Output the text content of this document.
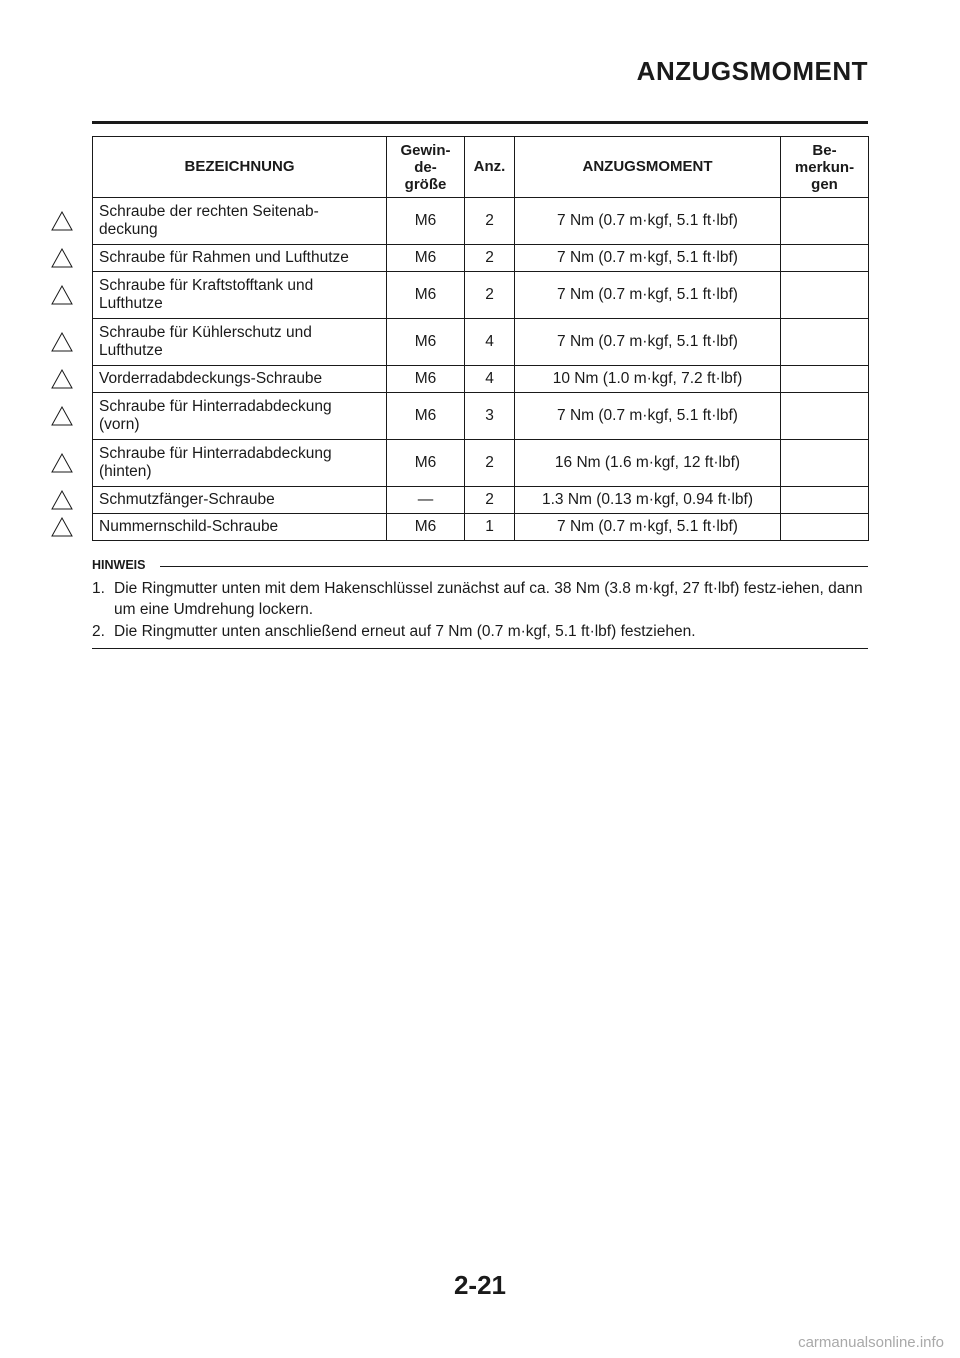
ANZUGSMOMENT
BEZEICHNUNG	Gewin-
de-
größe	Anz.	ANZUGSMOMENT	Be-
merkun-
gen

Schraube der rechten Seitenab-
deckung	M6	2	7 Nm (0.7 m·kgf, 5.1 ft·lbf)	

Schraube für Rahmen und Lufthutze	M6	2	7 Nm (0.7 m·kgf, 5.1 ft·lbf)	

Schraube für Kraftstofftank und
Lufthutze	M6	2	7 Nm (0.7 m·kgf, 5.1 ft·lbf)	

Schraube für Kühlerschutz und
Lufthutze	M6	4	7 Nm (0.7 m·kgf, 5.1 ft·lbf)	

Vorderradabdeckungs-Schraube	M6	4	10 Nm (1.0 m·kgf, 7.2 ft·lbf)	

Schraube für Hinterradabdeckung
(vorn)	M6	3	7 Nm (0.7 m·kgf, 5.1 ft·lbf)	

Schraube für Hinterradabdeckung
(hinten)	M6	2	16 Nm (1.6 m·kgf, 12 ft·lbf)	

Schmutzfänger-Schraube	—	2	1.3 Nm (0.13 m·kgf, 0.94 ft·lbf)	

Nummernschild-Schraube	M6	1	7 Nm (0.7 m·kgf, 5.1 ft·lbf)	
HINWEIS
1. Die Ringmutter unten mit dem Hakenschlüssel zunächst auf ca. 38 Nm (3.8 m·kgf, 27 ft·lbf) festz-iehen, dann um eine Umdrehung lockern.
2. Die Ringmutter unten anschließend erneut auf 7 Nm (0.7 m·kgf, 5.1 ft·lbf) festziehen.
2-21
carmanualsonline.info
